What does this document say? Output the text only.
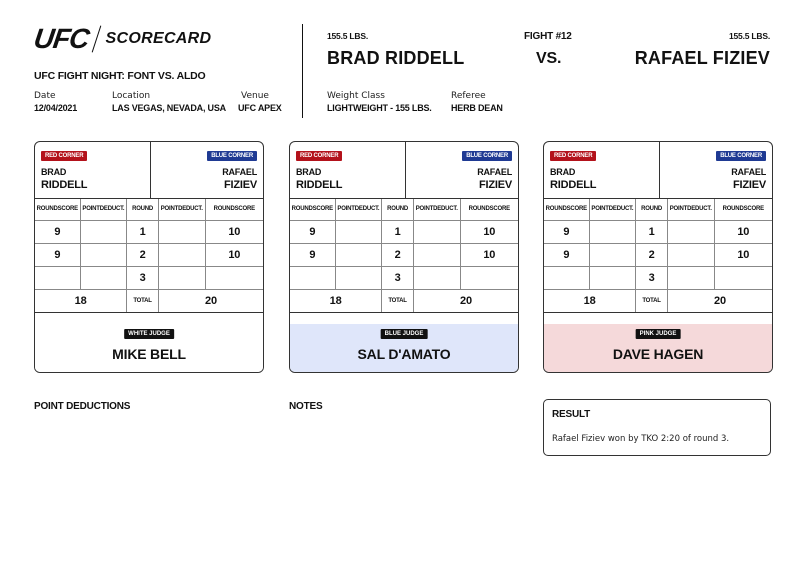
UFC SCORECARD
UFC FIGHT NIGHT: FONT VS. ALDO
Date
12/04/2021
Location
LAS VEGAS, NEVADA, USA
Venue
UFC APEX
155.5 LBS.
BRAD RIDDELL
FIGHT #12
VS.
155.5 LBS.
RAFAEL FIZIEV
Weight Class
LIGHTWEIGHT - 155 LBS.
Referee
HERB DEAN
RED CORNER	BLUE CORNER
BRAD
RIDDELL
RAFAEL
FIZIEV
ROUND SCORE POINT DEDUCT.	ROUND	POINT DEDUCT. ROUND SCORE
9	1	10
9	2	10
3
18	TOTAL	20
WHITE JUDGE
MIKE BELL
RED CORNER	BLUE CORNER
BRAD
RIDDELL
RAFAEL
FIZIEV
ROUND SCORE POINT DEDUCT.	ROUND	POINT DEDUCT. ROUND SCORE
9	1	10
9	2	10
3
18	TOTAL	20
BLUE JUDGE
SAL D'AMATO
RED CORNER	BLUE CORNER
BRAD
RIDDELL
RAFAEL
FIZIEV
ROUND SCORE POINT DEDUCT.	ROUND	POINT DEDUCT. ROUND SCORE
9	1	10
9	2	10
3
18	TOTAL	20
PINK JUDGE
DAVE HAGEN
POINT DEDUCTIONS	NOTES
RESULT
Rafael Fiziev won by TKO 2:20 of round 3.
